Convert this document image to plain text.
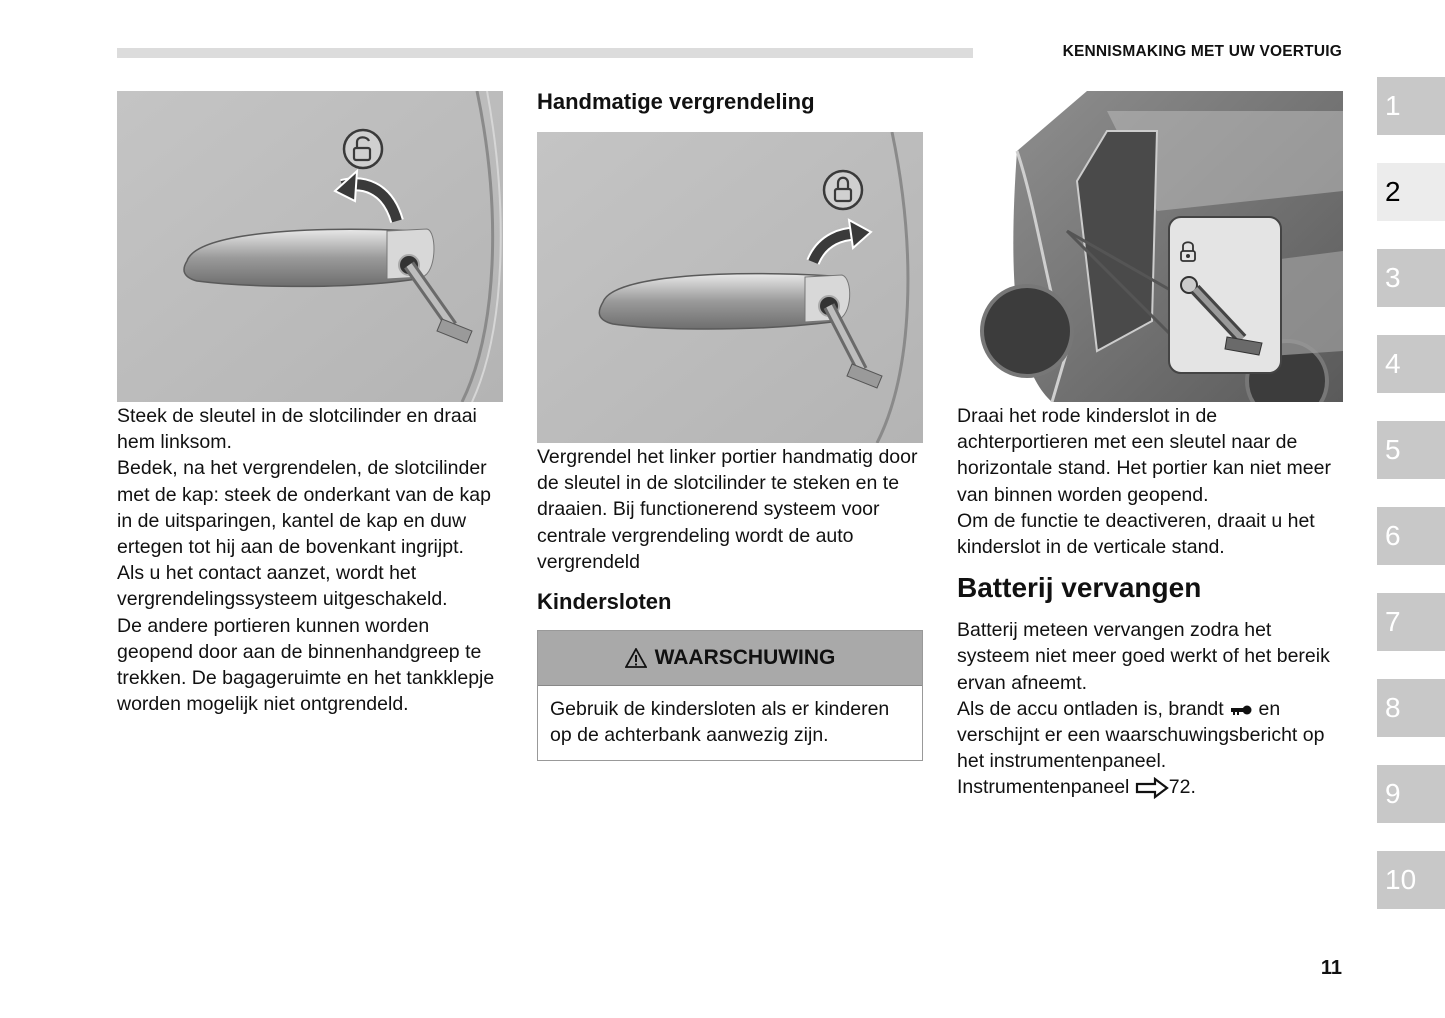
KENNISMAKING MET UW VOERTUIG

Steek de sleutel in de slotcilinder en draai hem linksom.

Bedek, na het vergrendelen, de slotcilinder met de kap: steek de onderkant van de kap in de uitsparingen, kantel de kap en duw ertegen tot hij aan de bovenkant ingrijpt.

Als u het contact aanzet, wordt het vergrendelingssysteem uitgeschakeld.

De andere portieren kunnen worden geopend door aan de binnenhandgreep te trekken. De bagageruimte en het tankklepje worden mogelijk niet ontgrendeld.

Handmatige vergrendeling
Vergrendel het linker portier handmatig door de sleutel in de slotcilinder te steken en te draaien. Bij functionerend systeem voor centrale vergrendeling wordt de auto vergrendeld
Kindersloten
WAARSCHUWING
Gebruik de kindersloten als er kinderen op de achterbank aanwezig zijn.

Draai het rode kinderslot in de achterportieren met een sleutel naar de horizontale stand. Het portier kan niet meer van binnen worden geopend.

Om de functie te deactiveren, draait u het kinderslot in de verticale stand.

Batterij vervangen

Batterij meteen vervangen zodra het systeem niet meer goed werkt of het bereik ervan afneemt.

Als de accu ontladen is, brandt en verschijnt er een waarschuwingsbericht op het instrumentenpaneel.

Instrumentenpaneel 72.

1
2
3
4
5
6
7
8
9
10
11
